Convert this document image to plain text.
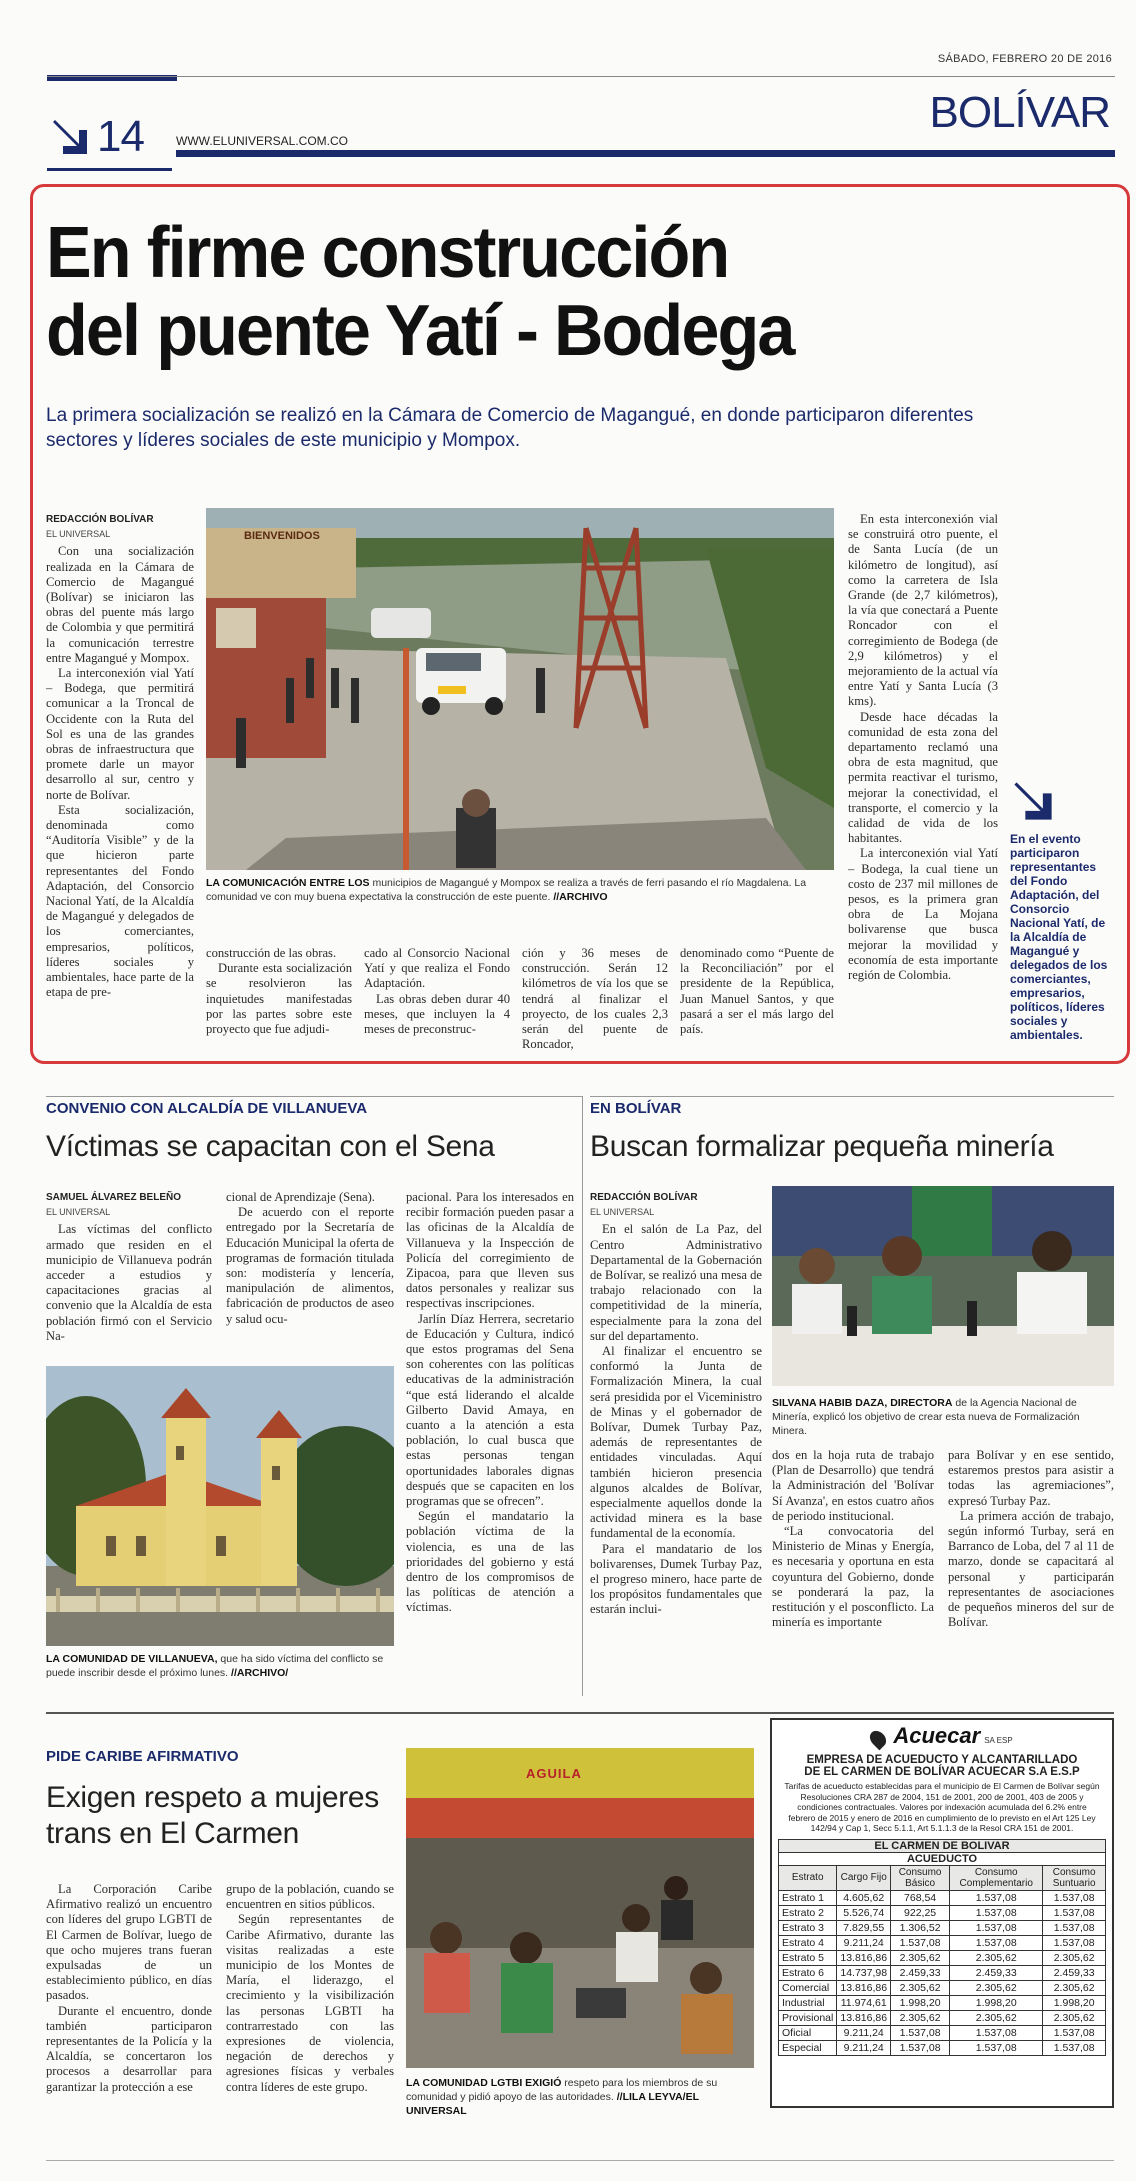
SÁBADO, FEBRERO 20 DE 2016
14	WWW.ELUNIVERSAL.COM.CO
BOLÍVAR
En firme construcción
del puente Yatí - Bodega
La primera socialización se realizó en la Cámara de Comercio de Magangué, en donde participaron diferentes sectores y líderes sociales de este municipio y Mompox.
REDACCIÓN BOLÍVAR
EL UNIVERSAL

Con una socialización realizada en la Cámara de Comercio de Magangué (Bolívar) se iniciaron las obras del puente más largo de Colombia y que permitirá la comunicación terrestre entre Magangué y Mompox.

La interconexión vial Yatí – Bodega, que permitirá comunicar a la Troncal de Occidente con la Ruta del Sol es una de las grandes obras de infraestructura que promete darle un mayor desarrollo al sur, centro y norte de Bolívar.

Esta socialización, denominada como “Auditoría Visible” y de la que hicieron parte representantes del Fondo Adaptación, del Consorcio Nacional Yatí, de la Alcaldía de Magangué y delegados de los comerciantes, empresarios, políticos, líderes sociales y ambientales, hace parte de la etapa de pre-

BIENVENIDOS
LA COMUNICACIÓN ENTRE LOS municipios de Magangué y Mompox se realiza a través de ferri pasando el río Magdalena. La comunidad ve con muy buena expectativa la construcción de este puente. //ARCHIVO

construcción de las obras.

Durante esta socialización se resolvieron las inquietudes manifestadas por las partes sobre este proyecto que fue adjudi-

cado al Consorcio Nacional Yatí y que realiza el Fondo Adaptación.

Las obras deben durar 40 meses, que incluyen la 4 meses de preconstruc-

ción y 36 meses de construcción. Serán 12 kilómetros de vía los que se tendrá al finalizar el proyecto, de los cuales 2,3 serán del puente de Roncador,

denominado como “Puente de la Reconciliación” por el presidente de la República, Juan Manuel Santos, y que pasará a ser el más largo del país.

En esta interconexión vial se construirá otro puente, el de Santa Lucía (de un kilómetro de longitud), así como la carretera de Isla Grande (de 2,7 kilómetros), la vía que conectará a Puente Roncador con el corregimiento de Bodega (de 2,9 kilómetros) y el mejoramiento de la actual vía entre Yatí y Santa Lucía (3 kms).

Desde hace décadas la comunidad de esta zona del departamento reclamó una obra de esta magnitud, que permita reactivar el turismo, mejorar la conectividad, el transporte, el comercio y la calidad de vida de los habitantes.

La interconexión vial Yatí – Bodega, la cual tiene un costo de 237 mil millones de pesos, es la primera gran obra de La Mojana bolivarense que busca mejorar la movilidad y economía de esta importante región de Colombia.

En el evento participaron representantes del Fondo Adaptación, del Consorcio Nacional Yatí, de la Alcaldía de Magangué y delegados de los comerciantes, empresarios, políticos, líderes sociales y ambientales.
CONVENIO CON ALCALDÍA DE VILLANUEVA
Víctimas se capacitan con el Sena
SAMUEL ÁLVAREZ BELEÑO
EL UNIVERSAL

Las víctimas del conflicto armado que residen en el municipio de Villanueva podrán acceder a estudios y capacitaciones gracias al convenio que la Alcaldía de esta población firmó con el Servicio Na-

cional de Aprendizaje (Sena).

De acuerdo con el reporte entregado por la Secretaría de Educación Municipal la oferta de programas de formación titulada son: modistería y lencería, manipulación de alimentos, fabricación de productos de aseo y salud ocu-

pacional. Para los interesados en recibir formación pueden pasar a las oficinas de la Alcaldía de Villanueva y la Inspección de Policía del corregimiento de Zipacoa, para que lleven sus datos personales y realizar sus respectivas inscripciones.

Jarlín Díaz Herrera, secretario de Educación y Cultura, indicó que estos programas del Sena son coherentes con las políticas educativas de la administración “que está liderando el alcalde Gilberto David Amaya, en cuanto a la atención a esta población, lo cual busca que estas personas tengan oportunidades laborales dignas después que se capaciten en los programas que se ofrecen”.

Según el mandatario la población víctima de la violencia, es una de las prioridades del gobierno y está dentro de los compromisos de las políticas de atención a víctimas.

LA COMUNIDAD DE VILLANUEVA, que ha sido víctima del conflicto se puede inscribir desde el próximo lunes. //ARCHIVO/
EN BOLÍVAR
Buscan formalizar pequeña minería
REDACCIÓN BOLÍVAR
EL UNIVERSAL

En el salón de La Paz, del Centro Administrativo Departamental de la Gobernación de Bolívar, se realizó una mesa de trabajo relacionado con la competitividad de la minería, especialmente para la zona del sur del departamento.

Al finalizar el encuentro se conformó la Junta de Formalización Minera, la cual será presidida por el Viceministro de Minas y el gobernador de Bolívar, Dumek Turbay Paz, además de representantes de entidades vinculadas. Aquí también hicieron presencia algunos alcaldes de Bolívar, especialmente aquellos donde la actividad minera es la base fundamental de la economía.

Para el mandatario de los bolivarenses, Dumek Turbay Paz, el progreso minero, hace parte de los propósitos fundamentales que estarán inclui-

SILVANA HABIB DAZA, DIRECTORA de la Agencia Nacional de Minería, explicó los objetivo de crear esta nueva de Formalización Minera.

dos en la hoja ruta de trabajo (Plan de Desarrollo) que tendrá la Administración del 'Bolívar Sí Avanza', en estos cuatro años de periodo institucional.

“La convocatoria del Ministerio de Minas y Energía, es necesaria y oportuna en esta coyuntura del Gobierno, donde se ponderará la paz, la restitución y el posconflicto. La minería es importante

para Bolívar y en ese sentido, estaremos prestos para asistir a todas las agremiaciones”, expresó Turbay Paz.

La primera acción de trabajo, según informó Turbay, será en Barranco de Loba, del 7 al 11 de marzo, donde se capacitará al personal y participarán representantes de asociaciones de pequeños mineros del sur de Bolívar.

PIDE CARIBE AFIRMATIVO
Exigen respeto a mujeres
trans en El Carmen

La Corporación Caribe Afirmativo realizó un encuentro con líderes del grupo LGBTI de El Carmen de Bolívar, luego de que ocho mujeres trans fueran expulsadas de un establecimiento público, en días pasados.

Durante el encuentro, donde también participaron representantes de la Policía y la Alcaldía, se concertaron los procesos a desarrollar para garantizar la protección a ese

grupo de la población, cuando se encuentren en sitios públicos.

Según representantes de Caribe Afirmativo, durante las visitas realizadas a este municipio de los Montes de María, el liderazgo, el crecimiento y la visibilización las personas LGBTI ha contrarrestado con las expresiones de violencia, negación de derechos y agresiones físicas y verbales contra líderes de este grupo.

AGUILA
LA COMUNIDAD LGTBI EXIGIÓ respeto para los miembros de su comunidad y pidió apoyo de las autoridades. //LILA LEYVA/EL UNIVERSAL
Acuecar SA ESP
EMPRESA DE ACUEDUCTO Y ALCANTARILLADO
DE EL CARMEN DE BOLÍVAR ACUECAR S.A E.S.P
Tarifas de acueducto establecidas para el municipio de El Carmen de Bolívar según Resoluciones CRA 287 de 2004, 151 de 2001, 200 de 2001, 403 de 2005 y condiciones contractuales. Valores por indexación acumulada del 6.2% entre febrero de 2015 y enero de 2016 en cumplimiento de lo previsto en el Art 125 Ley 142/94 y Cap 1, Secc 5.1.1, Art 5.1.1.3 de la Resol CRA 151 de 2001.
EL CARMEN DE BOLIVAR
ACUEDUCTO
Estrato	Cargo Fijo	Consumo Básico	Consumo Complementario	Consumo Suntuario
Estrato 1	4.605,62	768,54	1.537,08	1.537,08
Estrato 2	5.526,74	922,25	1.537,08	1.537,08
Estrato 3	7.829,55	1.306,52	1.537,08	1.537,08
Estrato 4	9.211,24	1.537,08	1.537,08	1.537,08
Estrato 5	13.816,86	2.305,62	2.305,62	2.305,62
Estrato 6	14.737,98	2.459,33	2.459,33	2.459,33
Comercial	13.816,86	2.305,62	2.305,62	2.305,62
Industrial	11.974,61	1.998,20	1.998,20	1.998,20
Provisional	13.816,86	2.305,62	2.305,62	2.305,62
Oficial	9.211,24	1.537,08	1.537,08	1.537,08
Especial	9.211,24	1.537,08	1.537,08	1.537,08
